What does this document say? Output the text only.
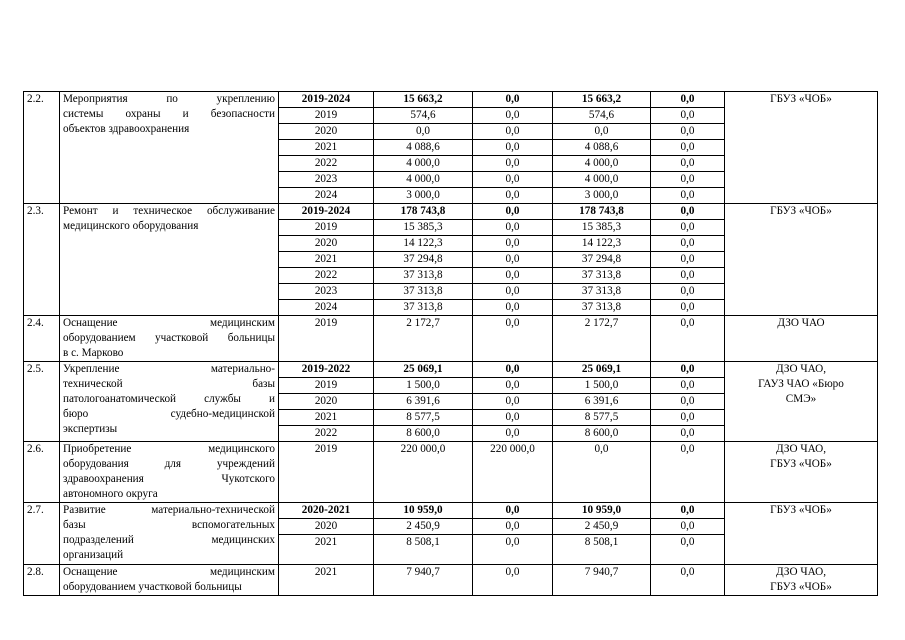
2.2.	Мероприятия по укреплению
системы охраны и безопасности
объектов здравоохранения	2019-2024	15 663,2	0,0	15 663,2	0,0	ГБУЗ «ЧОБ»

		2019	574,6	0,0	574,6	0,0	
		2020	0,0	0,0	0,0	0,0	
		2021	4 088,6	0,0	4 088,6	0,0	
		2022	4 000,0	0,0	4 000,0	0,0	
		2023	4 000,0	0,0	4 000,0	0,0	
		2024	3 000,0	0,0	3 000,0	0,0	
2.3.	Ремонт и техническое обслуживание
медицинского оборудования	2019-2024	178 743,8	0,0	178 743,8	0,0	ГБУЗ «ЧОБ»

		2019	15 385,3	0,0	15 385,3	0,0	
		2020	14 122,3	0,0	14 122,3	0,0	
		2021	37 294,8	0,0	37 294,8	0,0	
		2022	37 313,8	0,0	37 313,8	0,0	
		2023	37 313,8	0,0	37 313,8	0,0	
		2024	37 313,8	0,0	37 313,8	0,0	
2.4.	Оснащение медицинским
оборудованием участковой больницы
в с. Марково	2019	2 172,7	0,0	2 172,7	0,0	ДЗО ЧАО

2.5.	Укрепление материально-
технической базы
патологоанатомической службы и
бюро судебно-медицинской
экспертизы	2019-2022	25 069,1	0,0	25 069,1	0,0	ДЗО ЧАО,
ГАУЗ ЧАО «Бюро
СМЭ»

		2019	1 500,0	0,0	1 500,0	0,0	
		2020	6 391,6	0,0	6 391,6	0,0	
		2021	8 577,5	0,0	8 577,5	0,0	
		2022	8 600,0	0,0	8 600,0	0,0	
2.6.	Приобретение медицинского
оборудования для учреждений
здравоохранения Чукотского
автономного округа	2019	220 000,0	220 000,0	0,0	0,0	ДЗО ЧАО,
ГБУЗ «ЧОБ»

2.7.	Развитие материально-технической
базы вспомогательных
подразделений медицинских
организаций	2020-2021	10 959,0	0,0	10 959,0	0,0	ГБУЗ «ЧОБ»

		2020	2 450,9	0,0	2 450,9	0,0	
		2021	8 508,1	0,0	8 508,1	0,0	

2.8.	Оснащение медицинским
оборудованием участковой больницы	2021	7 940,7	0,0	7 940,7	0,0	ДЗО ЧАО,
ГБУЗ «ЧОБ»
